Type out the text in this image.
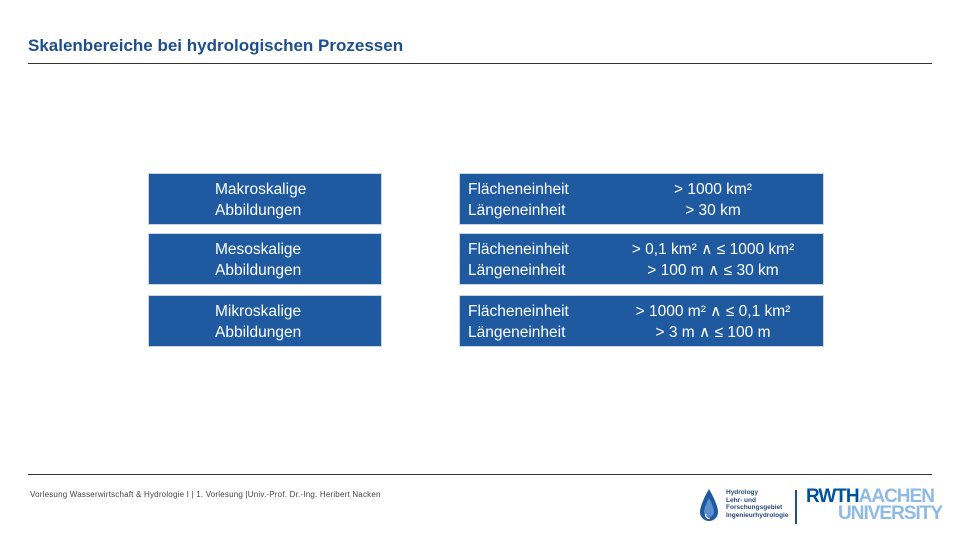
Skalenbereiche bei hydrologischen Prozessen
Makroskalige
Abbildungen
Flächeneinheit
Längeneinheit
> 1000 km²
> 30 km
Mesoskalige
Abbildungen
Flächeneinheit
Längeneinheit
> 0,1 km² ∧ ≤ 1000 km²
> 100 m ∧ ≤ 30 km
Mikroskalige
Abbildungen
Flächeneinheit
Längeneinheit
> 1000 m² ∧ ≤ 0,1 km²
> 3 m ∧ ≤ 100 m
Vorlesung Wasserwirtschaft & Hydrologie I | 1. Vorlesung |Univ.-Prof. Dr.-Ing. Heribert Nacken	Hydrology
Lehr- und
Forschungsgebiet
Ingenieurhydrologie
RWTHAACHEN
UNIVERSITY
